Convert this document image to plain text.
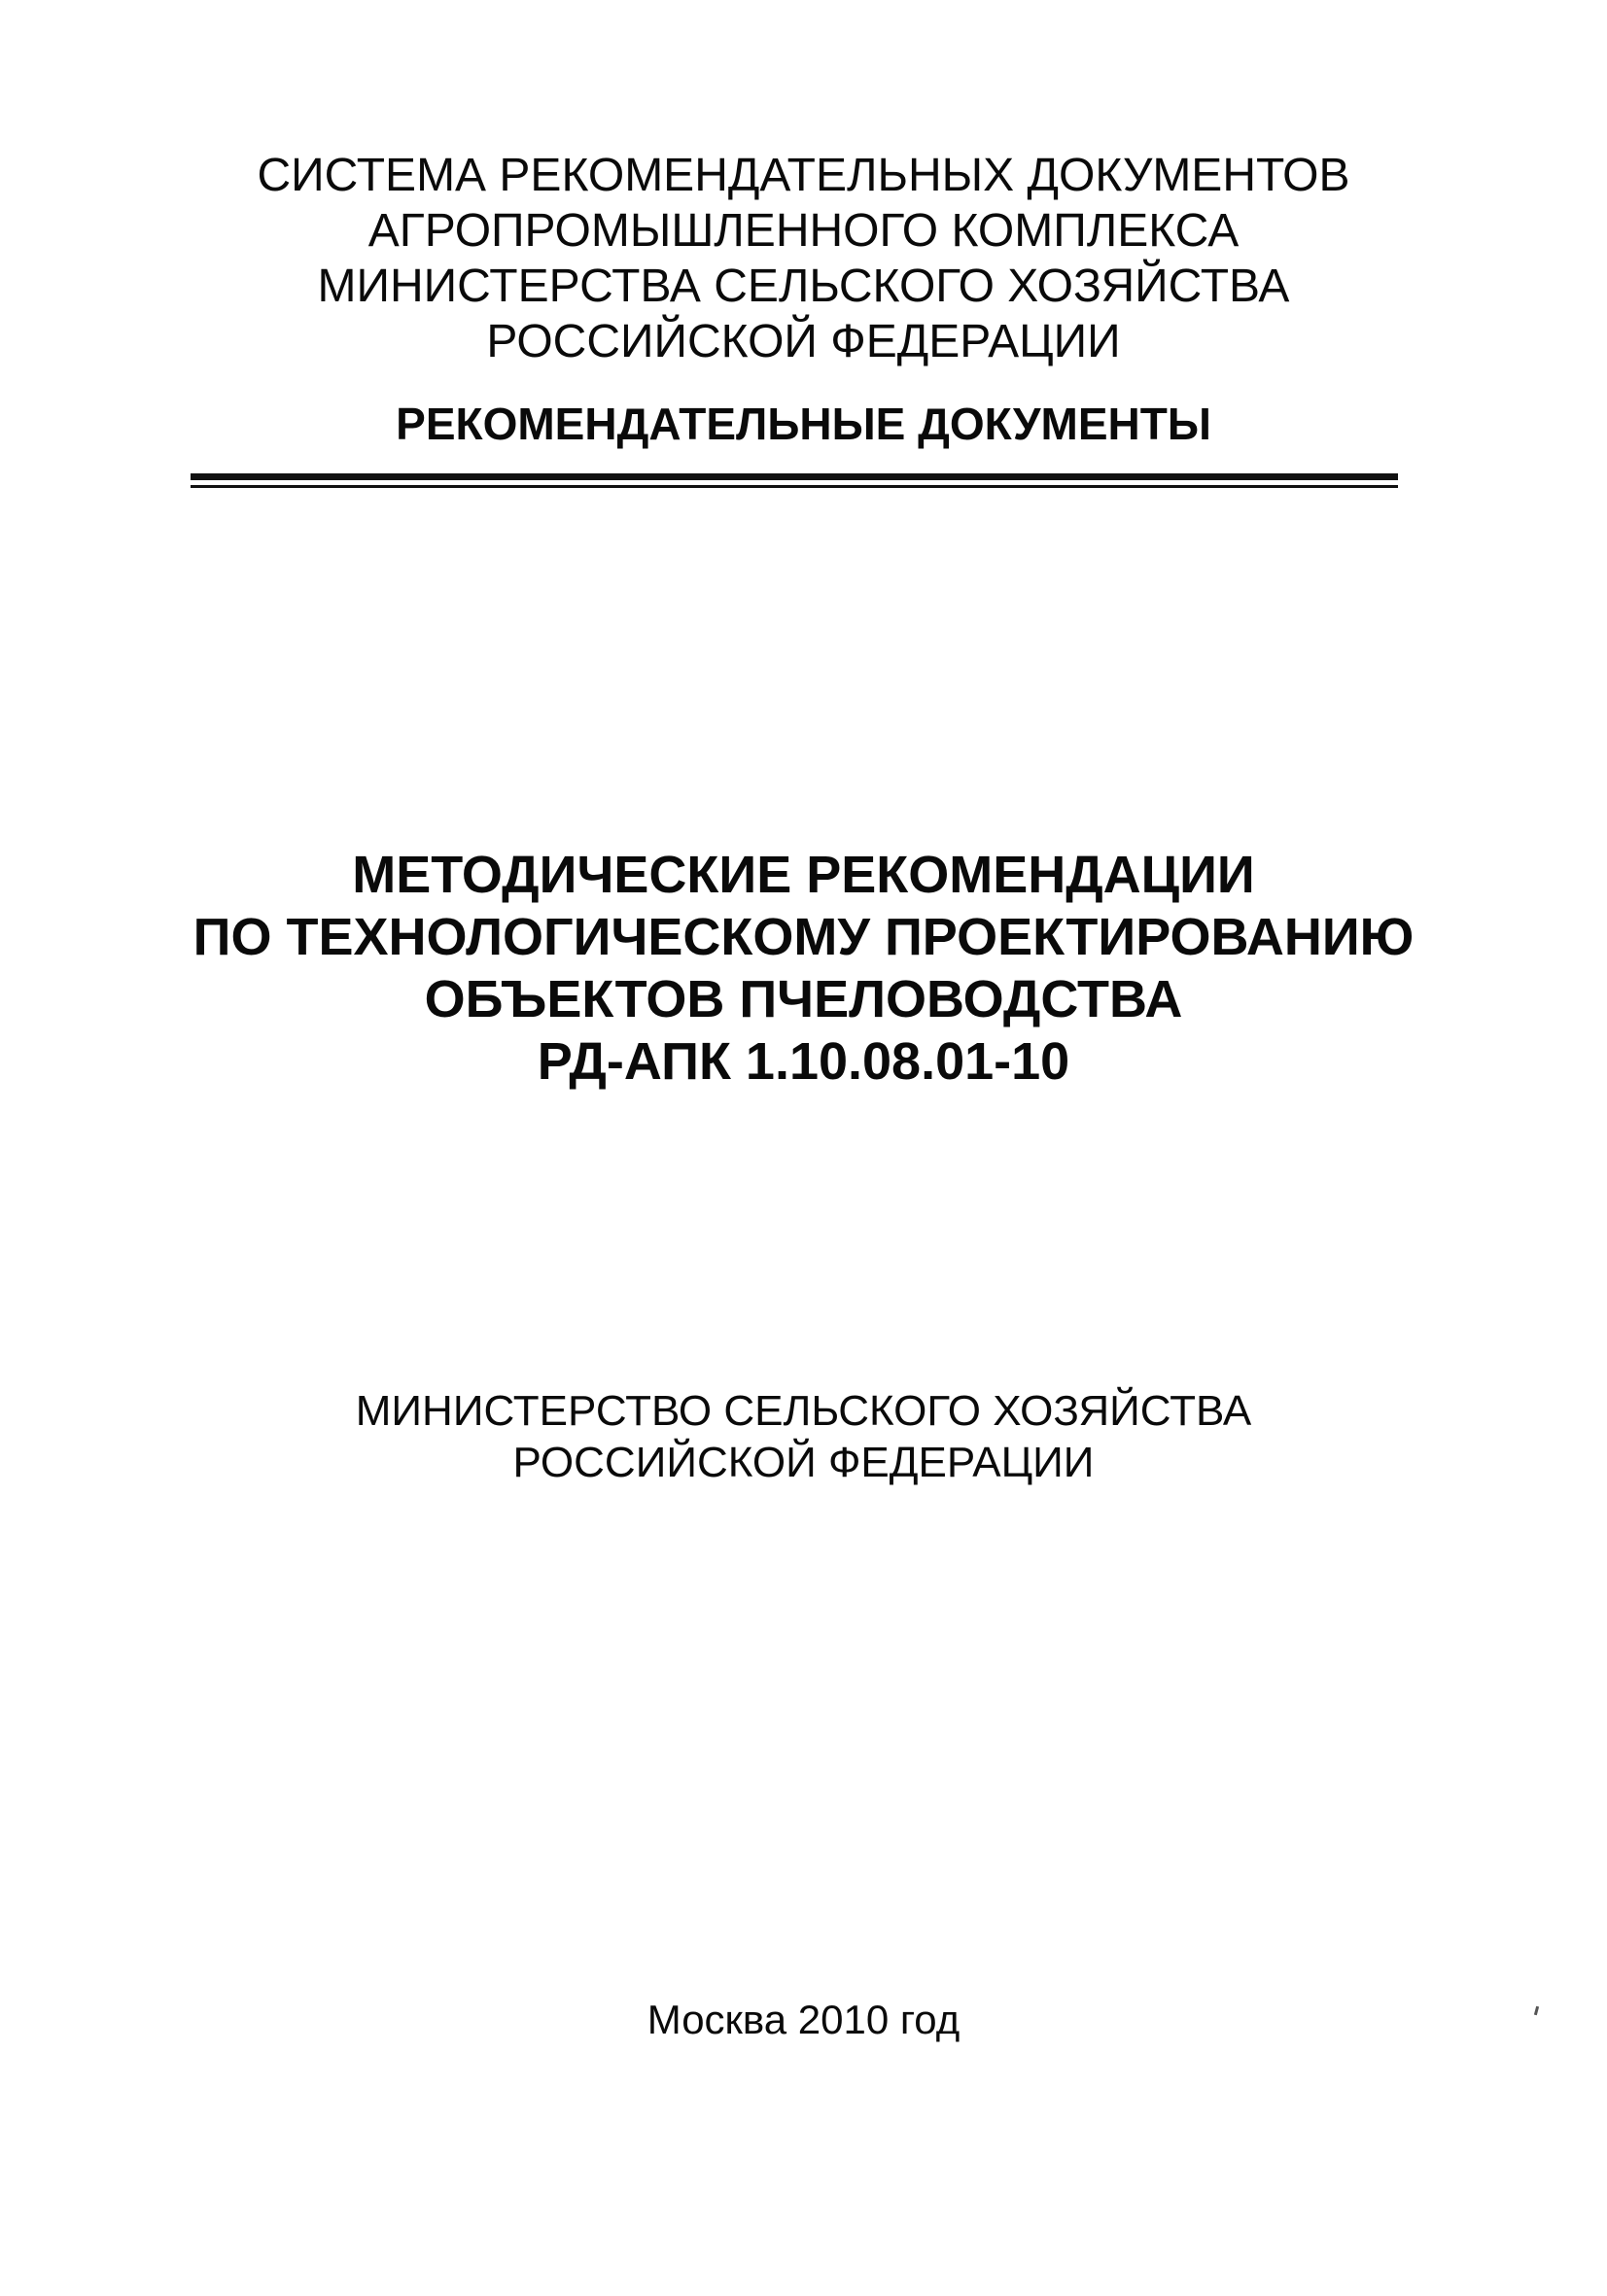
СИСТЕМА РЕКОМЕНДАТЕЛЬНЫХ ДОКУМЕНТОВ
АГРОПРОМЫШЛЕННОГО КОМПЛЕКСА
МИНИСТЕРСТВА СЕЛЬСКОГО ХОЗЯЙСТВА
РОССИЙСКОЙ ФЕДЕРАЦИИ
РЕКОМЕНДАТЕЛЬНЫЕ ДОКУМЕНТЫ
МЕТОДИЧЕСКИЕ РЕКОМЕНДАЦИИ
ПО ТЕХНОЛОГИЧЕСКОМУ ПРОЕКТИРОВАНИЮ
ОБЪЕКТОВ ПЧЕЛОВОДСТВА
РД-АПК 1.10.08.01-10
МИНИСТЕРСТВО СЕЛЬСКОГО ХОЗЯЙСТВА
РОССИЙСКОЙ ФЕДЕРАЦИИ
Москва 2010 год
